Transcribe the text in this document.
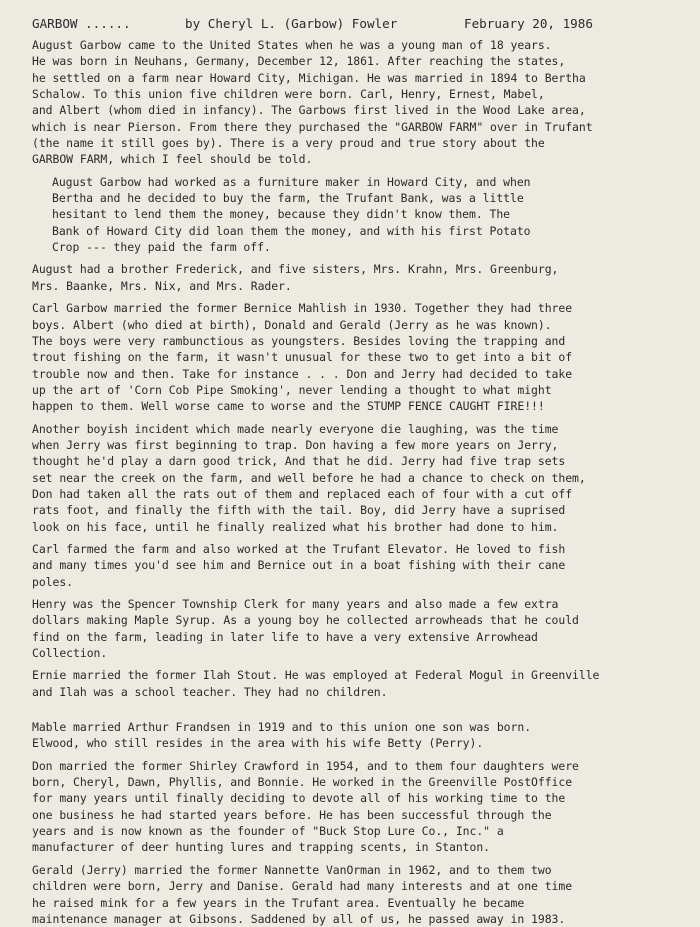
GARBOW ......	by Cheryl L. (Garbow) Fowler	February 20, 1986

August Garbow came to the United States when he was a young man of 18 years.
He was born in Neuhans, Germany, December 12, 1861. After reaching the states,
he settled on a farm near Howard City, Michigan. He was married in 1894 to Bertha
Schalow. To this union five children were born. Carl, Henry, Ernest, Mabel,
and Albert (whom died in infancy). The Garbows first lived in the Wood Lake area,
which is near Pierson. From there they purchased the "GARBOW FARM" over in Trufant
(the name it still goes by). There is a very proud and true story about the
GARBOW FARM, which I feel should be told.

August Garbow had worked as a furniture maker in Howard City, and when
Bertha and he decided to buy the farm, the Trufant Bank, was a little
hesitant to lend them the money, because they didn't know them. The
Bank of Howard City did loan them the money, and with his first Potato
Crop --- they paid the farm off.

August had a brother Frederick, and five sisters, Mrs. Krahn, Mrs. Greenburg,
Mrs. Baanke, Mrs. Nix, and Mrs. Rader.

Carl Garbow married the former Bernice Mahlish in 1930. Together they had three
boys. Albert (who died at birth), Donald and Gerald (Jerry as he was known).
The boys were very rambunctious as youngsters. Besides loving the trapping and
trout fishing on the farm, it wasn't unusual for these two to get into a bit of
trouble now and then. Take for instance . . . Don and Jerry had decided to take
up the art of 'Corn Cob Pipe Smoking', never lending a thought to what might
happen to them. Well worse came to worse and the STUMP FENCE CAUGHT FIRE!!!

Another boyish incident which made nearly everyone die laughing, was the time
when Jerry was first beginning to trap. Don having a few more years on Jerry,
thought he'd play a darn good trick, And that he did. Jerry had five trap sets
set near the creek on the farm, and well before he had a chance to check on them,
Don had taken all the rats out of them and replaced each of four with a cut off
rats foot, and finally the fifth with the tail. Boy, did Jerry have a suprised
look on his face, until he finally realized what his brother had done to him.

Carl farmed the farm and also worked at the Trufant Elevator. He loved to fish
and many times you'd see him and Bernice out in a boat fishing with their cane
poles.

Henry was the Spencer Township Clerk for many years and also made a few extra
dollars making Maple Syrup. As a young boy he collected arrowheads that he could
find on the farm, leading in later life to have a very extensive Arrowhead
Collection.

Ernie married the former Ilah Stout. He was employed at Federal Mogul in Greenville
and Ilah was a school teacher. They had no children.

Mable married Arthur Frandsen in 1919 and to this union one son was born.
Elwood, who still resides in the area with his wife Betty (Perry).

Don married the former Shirley Crawford in 1954, and to them four daughters were
born, Cheryl, Dawn, Phyllis, and Bonnie. He worked in the Greenville PostOffice
for many years until finally deciding to devote all of his working time to the
one business he had started years before. He has been successful through the
years and is now known as the founder of "Buck Stop Lure Co., Inc." a
manufacturer of deer hunting lures and trapping scents, in Stanton.

Gerald (Jerry) married the former Nannette VanOrman in 1962, and to them two
children were born, Jerry and Danise. Gerald had many interests and at one time
he raised mink for a few years in the Trufant area. Eventually he became
maintenance manager at Gibsons. Saddened by all of us, he passed away in 1983.
